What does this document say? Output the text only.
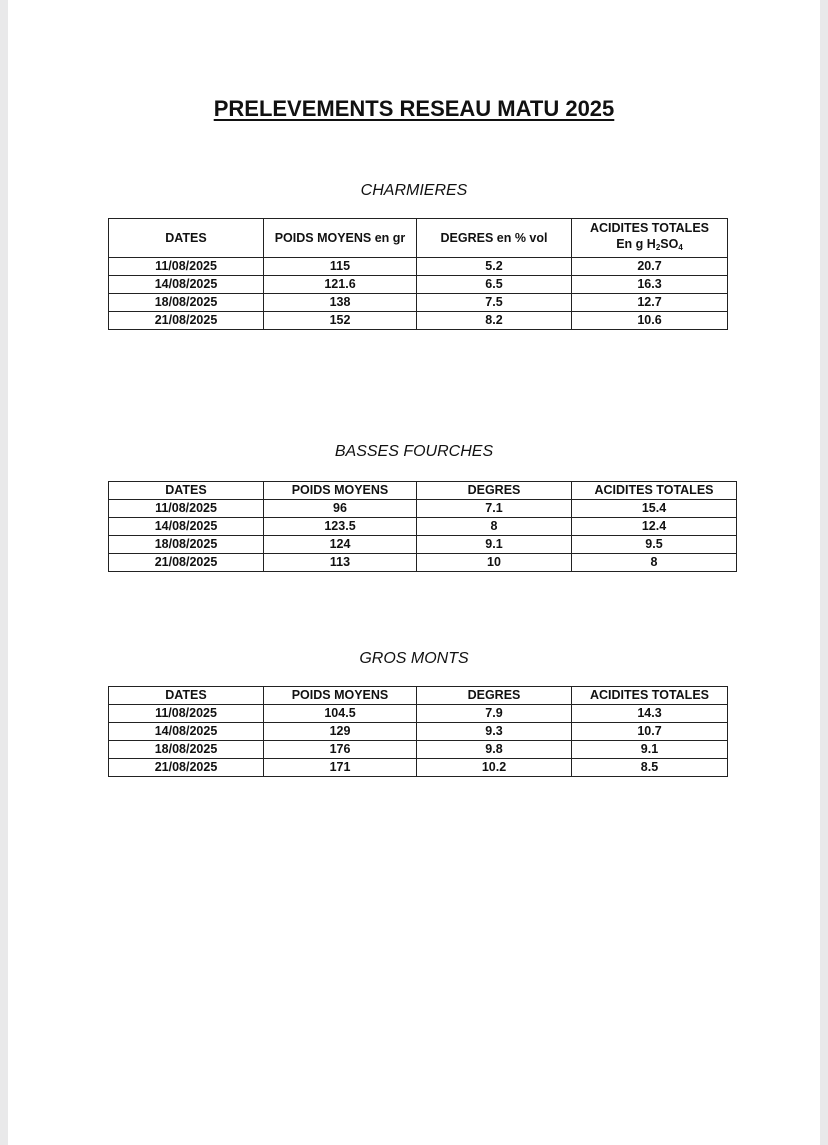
PRELEVEMENTS RESEAU MATU 2025
CHARMIERES
DATES	POIDS MOYENS en gr	DEGRES en % vol	ACIDITES TOTALES
En g $H_2SO_4$
11/08/2025	115	5.2	20.7
14/08/2025	121.6	6.5	16.3
18/08/2025	138	7.5	12.7
21/08/2025	152	8.2	10.6
BASSES FOURCHES
DATES	POIDS MOYENS	DEGRES	ACIDITES TOTALES
11/08/2025	96	7.1	15.4
14/08/2025	123.5	8	12.4
18/08/2025	124	9.1	9.5
21/08/2025	113	10	8
GROS MONTS
DATES	POIDS MOYENS	DEGRES	ACIDITES TOTALES
11/08/2025	104.5	7.9	14.3
14/08/2025	129	9.3	10.7
18/08/2025	176	9.8	9.1
21/08/2025	171	10.2	8.5
